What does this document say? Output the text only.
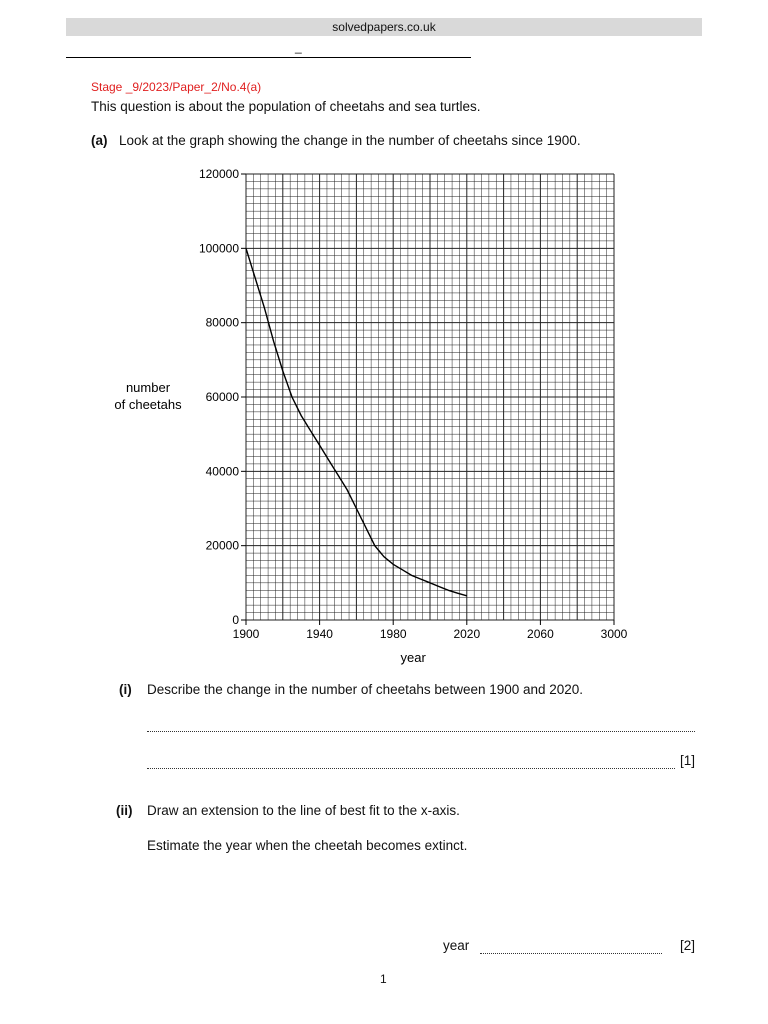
solvedpapers.co.uk
_
Stage _9/2023/Paper_2/No.4(a)
This question is about the population of cheetahs and sea turtles.
(a) Look at the graph showing the change in the number of cheetahs since 1900.
0
20000
40000
60000
80000
100000
120000
1900	1940	1980	2020	2060	3000
year
number
of cheetahs
(i) Describe the change in the number of cheetahs between 1900 and 2020.
[1]
(ii) Draw an extension to the line of best fit to the x-axis.
Estimate the year when the cheetah becomes extinct.
year	[2]
1
